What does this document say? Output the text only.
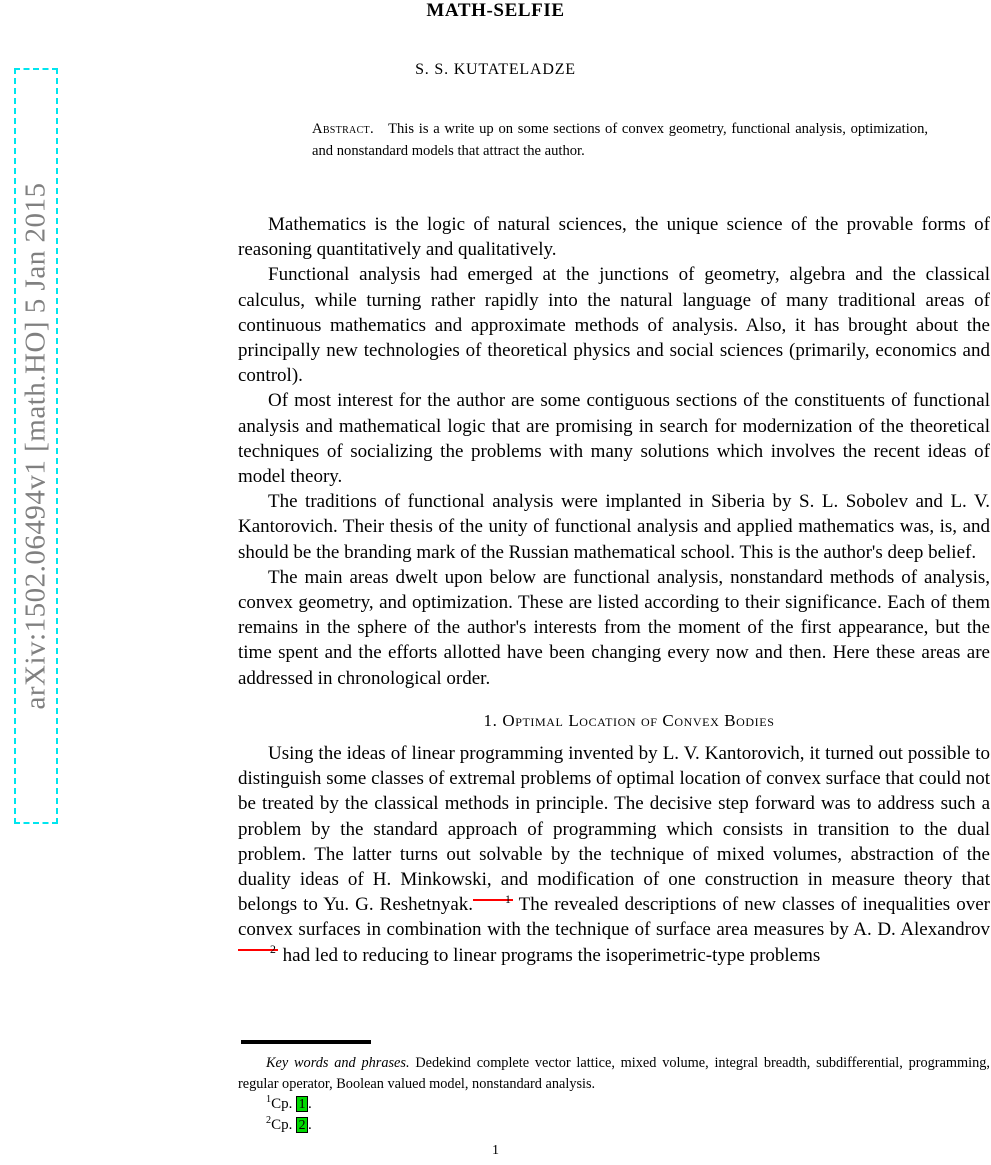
arXiv:1502.06494v1 [math.HO] 5 Jan 2015
MATH-SELFIE
S. S. KUTATELADZE
Abstract. This is a write up on some sections of convex geometry, functional analysis, optimization, and nonstandard models that attract the author.

Mathematics is the logic of natural sciences, the unique science of the provable forms of reasoning quantitatively and qualitatively.

Functional analysis had emerged at the junctions of geometry, algebra and the classical calculus, while turning rather rapidly into the natural language of many traditional areas of continuous mathematics and approximate methods of analysis. Also, it has brought about the principally new technologies of theoretical physics and social sciences (primarily, economics and control).

Of most interest for the author are some contiguous sections of the constituents of functional analysis and mathematical logic that are promising in search for modernization of the theoretical techniques of socializing the problems with many solutions which involves the recent ideas of model theory.

The traditions of functional analysis were implanted in Siberia by S. L. Sobolev and L. V. Kantorovich. Their thesis of the unity of functional analysis and applied mathematics was, is, and should be the branding mark of the Russian mathematical school. This is the author's deep belief.

The main areas dwelt upon below are functional analysis, nonstandard methods of analysis, convex geometry, and optimization. These are listed according to their significance. Each of them remains in the sphere of the author's interests from the moment of the first appearance, but the time spent and the efforts allotted have been changing every now and then. Here these areas are addressed in chronological order.

1. Optimal Location of Convex Bodies

Using the ideas of linear programming invented by L. V. Kantorovich, it turned out possible to distinguish some classes of extremal problems of optimal location of convex surface that could not be treated by the classical methods in principle. The decisive step forward was to address such a problem by the standard approach of programming which consists in transition to the dual problem. The latter turns out solvable by the technique of mixed volumes, abstraction of the duality ideas of H. Minkowski, and modification of one construction in measure theory that belongs to Yu. G. Reshetnyak.	$^1$ The revealed descriptions of new classes of inequalities over convex surfaces in combination with the technique of surface area measures by A. D. Alexandrov$^2$ had led to reducing to linear programs the isoperimetric-type problems

Key words and phrases. Dedekind complete vector lattice, mixed volume, integral breadth, subdifferential, programming, regular operator, Boolean valued model, nonstandard analysis.
$^1$Cp. 1 .
$^2$Cp. 2 .
1
